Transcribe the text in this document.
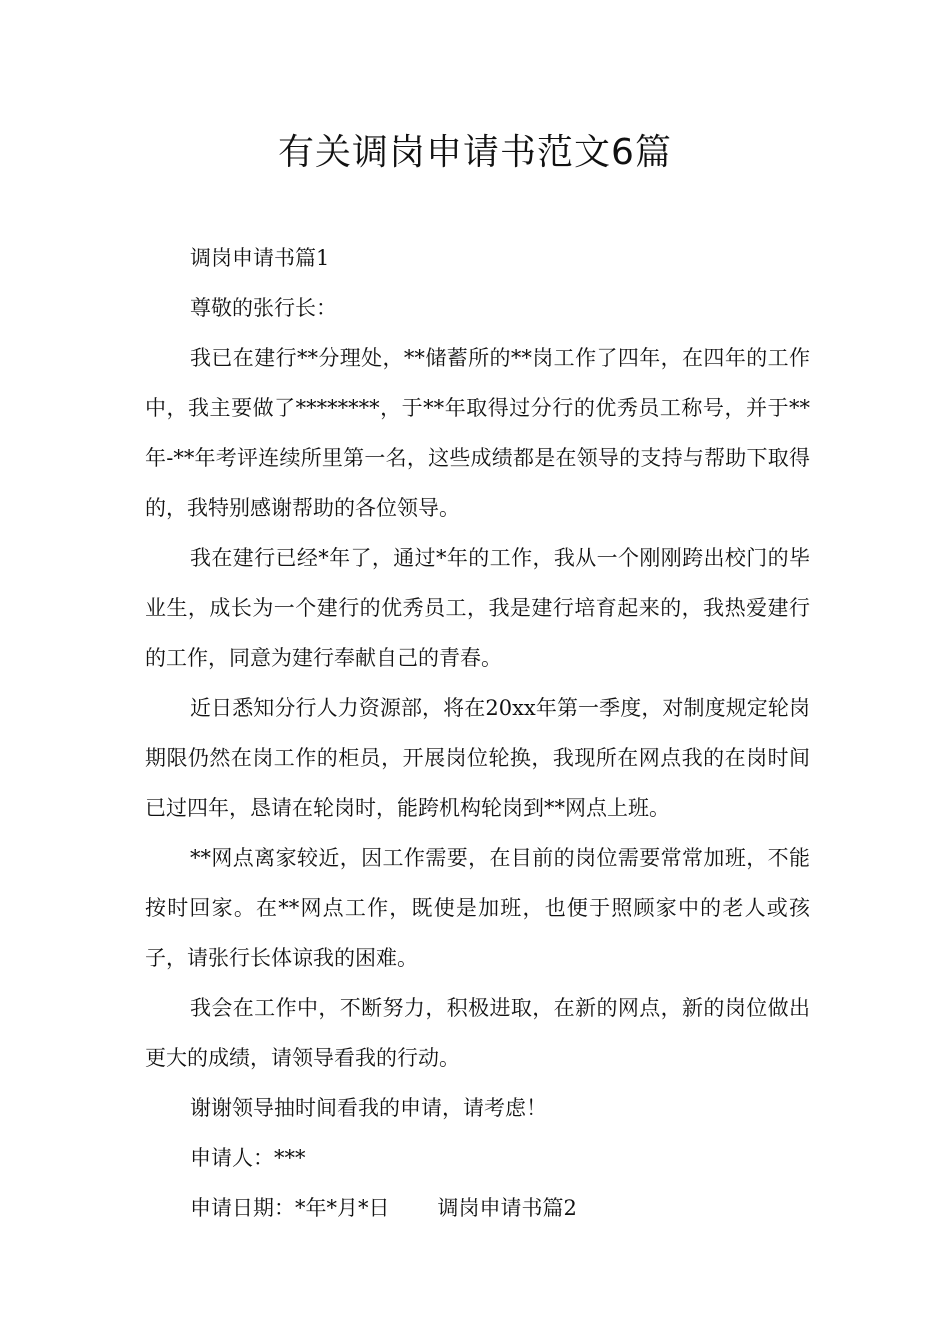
有关调岗申请书范文6篇

调岗申请书篇1

尊敬的张行长：

我已在建行**分理处，**储蓄所的**岗工作了四年，在四年的工作中，我主要做了********，于**年取得过分行的优秀员工称号，并于**年-**年考评连续所里第一名，这些成绩都是在领导的支持与帮助下取得的，我特别感谢帮助的各位领导。

我在建行已经*年了，通过*年的工作，我从一个刚刚跨出校门的毕业生，成长为一个建行的优秀员工，我是建行培育起来的，我热爱建行的工作，同意为建行奉献自己的青春。

近日悉知分行人力资源部，将在20xx年第一季度，对制度规定轮岗期限仍然在岗工作的柜员，开展岗位轮换，我现所在网点我的在岗时间已过四年，恳请在轮岗时，能跨机构轮岗到**网点上班。

**网点离家较近，因工作需要，在目前的岗位需要常常加班，不能按时回家。在**网点工作，既使是加班，也便于照顾家中的老人或孩子，请张行长体谅我的困难。

我会在工作中，不断努力，积极进取，在新的网点，新的岗位做出更大的成绩，请领导看我的行动。

谢谢领导抽时间看我的申请，请考虑！

申请人：***

申请日期：*年*月*日 调岗申请书篇2
